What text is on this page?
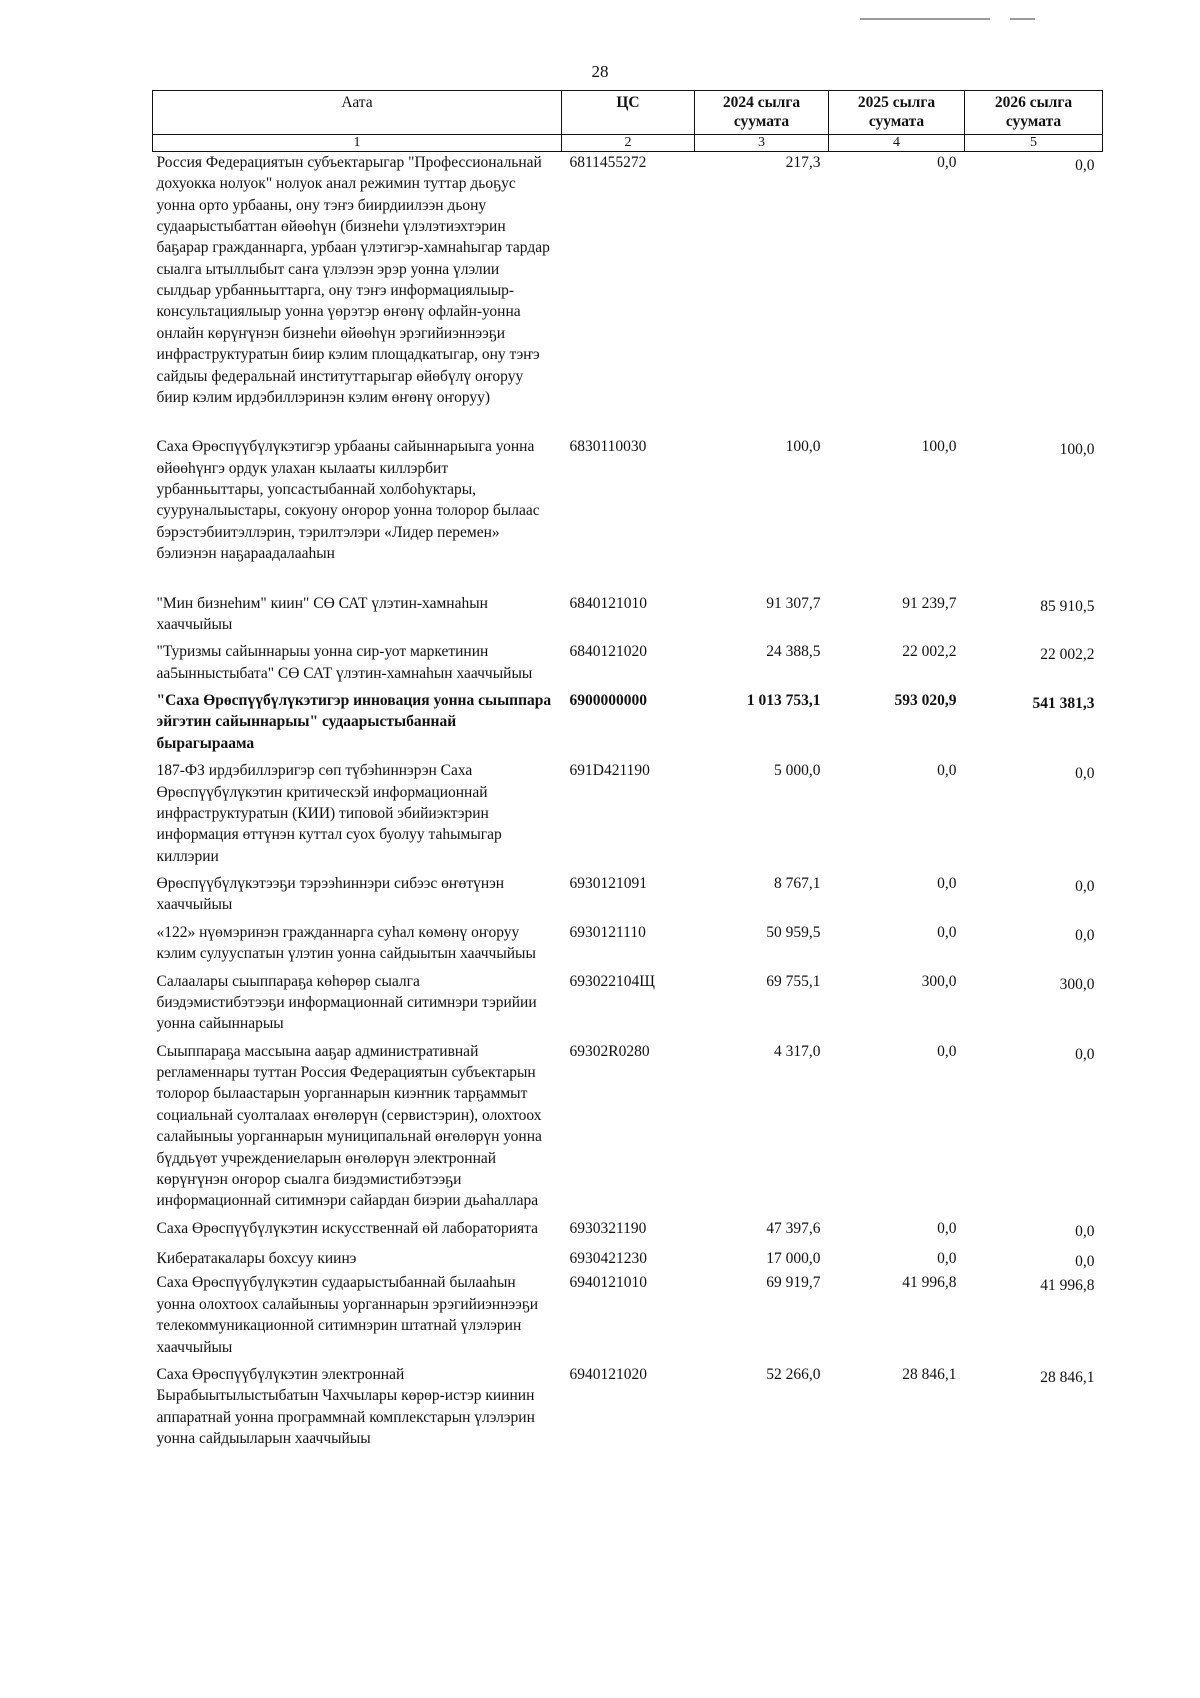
28
Аата	ЦС	2024 сылга суумата	2025 сылга суумата	2026 сылга суумата
1	2	3	4	5
Россия Федерациятын субъектарыгар "Профессиональнай дохуокка нолуок" нолуок анал режимин туттар дьоҕус уонна орто урбааны, ону тэҥэ биирдиилээн дьону судаарыстыбаттан өйөөһүн (бизнеһи үлэлэтиэхтэрин баҕарар гражданнарга, урбаан үлэтигэр-хамнаһыгар тардар сыалга ытыллыбыт саҥа үлэлээн эрэр уонна үлэлии сылдьар урбанньыттарга, ону тэҥэ информациялыыр-консультациялыыр уонна үөрэтэр өҥөнү офлайн-уонна онлайн көрүҥүнэн бизнеһи өйөөһүн эрэгийиэннээҕи инфраструктуратын биир кэлим площадкатыгар, ону тэҥэ сайдыы федеральнай институттарыгар өйөбүлү оҥоруу биир кэлим ирдэбиллэринэн кэлим өҥөнү оҥоруу)	6811455272	217,3	0,0	0,0
Саха Өрөспүүбүлүкэтигэр урбааны сайыннарыыга уонна өйөөһүнгэ ордук улахан кылааты киллэрбит урбанньыттары, уопсастыбаннай холбоһуктары, сууруналыыстары, сокуону оҥорор уонна толорор былаас бэрэстэбиитэллэрин, тэрилтэлэри «Лидер перемен» бэлиэнэн наҕараадалааһын	6830110030	100,0	100,0	100,0
"Мин бизнеһим" киин" СӨ САТ үлэтин-хамнаһын хааччыйыы	6840121010	91 307,7	91 239,7	85 910,5
"Туризмы сайыннарыы уонна сир-уот маркетинин аа5ынныстыбата" СӨ САТ үлэтин-хамнаһын хааччыйыы	6840121020	24 388,5	22 002,2	22 002,2
"Саха Өрөспүүбүлүкэтигэр инновация уонна сыыппара эйгэтин сайыннарыы" судаарыстыбаннай бырагыраама	6900000000	1 013 753,1	593 020,9	541 381,3
187-ФЗ ирдэбиллэригэр сөп түбэһиннэрэн Саха Өрөспүүбүлүкэтин критическэй информационнай инфраструктуратын (КИИ) типовой эбийиэктэрин информация өттүнэн куттал суох буолуу таһымыгар киллэрии	691D421190	5 000,0	0,0	0,0
Өрөспүүбүлүкэтээҕи тэрээһиннэри сибээс өҥөтүнэн хааччыйыы	6930121091	8 767,1	0,0	0,0
«122» нүөмэринэн гражданнарга суһал көмөнү оҥоруу кэлим сулууспатын үлэтин уонна сайдыытын хааччыйыы	6930121110	50 959,5	0,0	0,0
Салаалары сыыппараҕа көһөрөр сыалга биэдэмистибэтээҕи информационнай ситимнэри тэрийии уонна сайыннарыы	693022104Щ	69 755,1	300,0	300,0
Сыыппараҕа массыына ааҕар административнай регламеннары туттан Россия Федерациятын субъектарын толорор былаастарын уорганнарын киэҥник тарҕаммыт социальнай суолталаах өҥөлөрүн (сервистэрин), олохтоох салайыныы уорганнарын муниципальнай өҥөлөрүн уонна бүддьүөт учреждениеларын өҥөлөрүн электроннай көрүҥүнэн оҥорор сыалга биэдэмистибэтээҕи информационнай ситимнэри сайардан биэрии дьаһаллара	69302R0280	4 317,0	0,0	0,0
Саха Өрөспүүбүлүкэтин искусственнай өй лабораторията	6930321190	47 397,6	0,0	0,0
Кибератакалары бохсуу киинэ	6930421230	17 000,0	0,0	0,0
Саха Өрөспүүбүлүкэтин судаарыстыбаннай былааһын уонна олохтоох салайыныы уорганнарын эрэгийиэннээҕи телекоммуникационной ситимнэрин штатнай үлэлэрин хааччыйыы	6940121010	69 919,7	41 996,8	41 996,8
Саха Өрөспүүбүлүкэтин электроннай Бырабыытылыстыбатын Чахчылары көрөр-истэр киинин аппаратнай уонна программнай комплекстарын үлэлэрин уонна сайдыыларын хааччыйыы	6940121020	52 266,0	28 846,1	28 846,1
